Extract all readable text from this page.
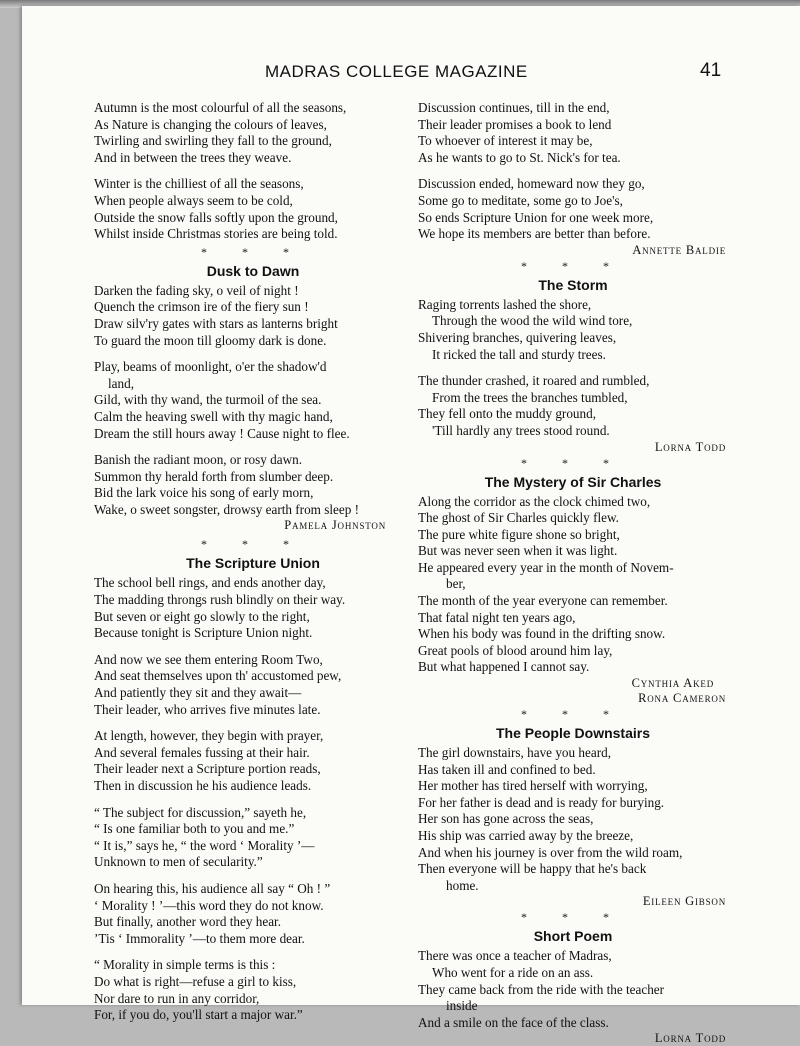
MADRAS COLLEGE MAGAZINE	41
Autumn is the most colourful of all the seasons,
As Nature is changing the colours of leaves,
Twirling and swirling they fall to the ground,
And in between the trees they weave.
Winter is the chilliest of all the seasons,
When people always seem to be cold,
Outside the snow falls softly upon the ground,
Whilst inside Christmas stories are being told.
* * *
Dusk to Dawn
Darken the fading sky, o veil of night !
Quench the crimson ire of the fiery sun !
Draw silv'ry gates with stars as lanterns bright
To guard the moon till gloomy dark is done.
Play, beams of moonlight, o'er the shadow'd
land,
Gild, with thy wand, the turmoil of the sea.
Calm the heaving swell with thy magic hand,
Dream the still hours away ! Cause night to flee.
Banish the radiant moon, or rosy dawn.
Summon thy herald forth from slumber deep.
Bid the lark voice his song of early morn,
Wake, o sweet songster, drowsy earth from sleep !
Pamela Johnston
* * *
The Scripture Union
The school bell rings, and ends another day,
The madding throngs rush blindly on their way.
But seven or eight go slowly to the right,
Because tonight is Scripture Union night.
And now we see them entering Room Two,
And seat themselves upon th' accustomed pew,
And patiently they sit and they await—
Their leader, who arrives five minutes late.
At length, however, they begin with prayer,
And several females fussing at their hair.
Their leader next a Scripture portion reads,
Then in discussion he his audience leads.
“ The subject for discussion,” sayeth he,
“ Is one familiar both to you and me.”
“ It is,” says he, “ the word ‘ Morality ’—
Unknown to men of secularity.”
On hearing this, his audience all say “ Oh ! ”
‘ Morality ! ’—this word they do not know.
But finally, another word they hear.
’Tis ‘ Immorality ’—to them more dear.
“ Morality in simple terms is this :
Do what is right—refuse a girl to kiss,
Nor dare to run in any corridor,
For, if you do, you'll start a major war.”
Discussion continues, till in the end,
Their leader promises a book to lend
To whoever of interest it may be,
As he wants to go to St. Nick's for tea.
Discussion ended, homeward now they go,
Some go to meditate, some go to Joe's,
So ends Scripture Union for one week more,
We hope its members are better than before.
Annette Baldie
* * *
The Storm
Raging torrents lashed the shore,
Through the wood the wild wind tore,
Shivering branches, quivering leaves,
It ricked the tall and sturdy trees.
The thunder crashed, it roared and rumbled,
From the trees the branches tumbled,
They fell onto the muddy ground,
'Till hardly any trees stood round.
Lorna Todd
* * *
The Mystery of Sir Charles
Along the corridor as the clock chimed two,
The ghost of Sir Charles quickly flew.
The pure white figure shone so bright,
But was never seen when it was light.
He appeared every year in the month of Novem-
ber,
The month of the year everyone can remember.
That fatal night ten years ago,
When his body was found in the drifting snow.
Great pools of blood around him lay,
But what happened I cannot say.
Cynthia Aked
Rona Cameron
* * *
The People Downstairs
The girl downstairs, have you heard,
Has taken ill and confined to bed.
Her mother has tired herself with worrying,
For her father is dead and is ready for burying.
Her son has gone across the seas,
His ship was carried away by the breeze,
And when his journey is over from the wild roam,
Then everyone will be happy that he's back
home.
Eileen Gibson
* * *
Short Poem
There was once a teacher of Madras,
Who went for a ride on an ass.
They came back from the ride with the teacher
inside
And a smile on the face of the class.
Lorna Todd
